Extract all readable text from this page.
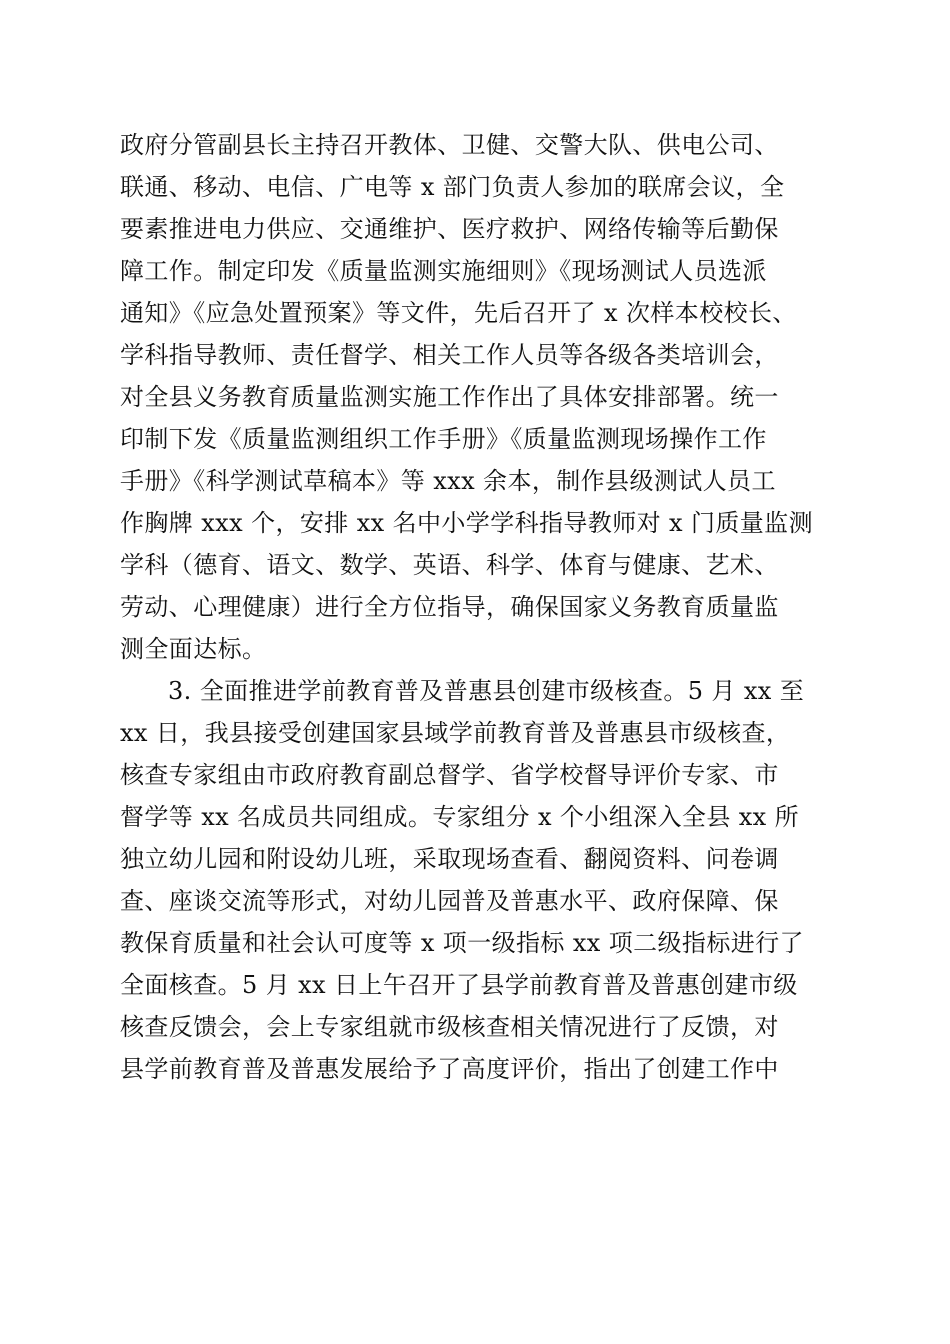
政府分管副县长主持召开教体、卫健、交警大队、供电公司、
联通、移动、电信、广电等 x 部门负责人参加的联席会议，全
要素推进电力供应、交通维护、医疗救护、网络传输等后勤保
障工作。制定印发《质量监测实施细则》《现场测试人员选派
通知》《应急处置预案》等文件，先后召开了 x 次样本校校长、
学科指导教师、责任督学、相关工作人员等各级各类培训会，
对全县义务教育质量监测实施工作作出了具体安排部署。统一
印制下发《质量监测组织工作手册》《质量监测现场操作工作
手册》《科学测试草稿本》等 xxx 余本，制作县级测试人员工
作胸牌 xxx 个，安排 xx 名中小学学科指导教师对 x 门质量监测
学科（德育、语文、数学、英语、科学、体育与健康、艺术、
劳动、心理健康）进行全方位指导，确保国家义务教育质量监
测全面达标。
3. 全面推进学前教育普及普惠县创建市级核查。5 月 xx 至
xx 日，我县接受创建国家县域学前教育普及普惠县市级核查，
核查专家组由市政府教育副总督学、省学校督导评价专家、市
督学等 xx 名成员共同组成。专家组分 x 个小组深入全县 xx 所
独立幼儿园和附设幼儿班，采取现场查看、翻阅资料、问卷调
查、座谈交流等形式，对幼儿园普及普惠水平、政府保障、保
教保育质量和社会认可度等 x 项一级指标 xx 项二级指标进行了
全面核查。5 月 xx 日上午召开了县学前教育普及普惠创建市级
核查反馈会，会上专家组就市级核查相关情况进行了反馈，对
县学前教育普及普惠发展给予了高度评价，指出了创建工作中
